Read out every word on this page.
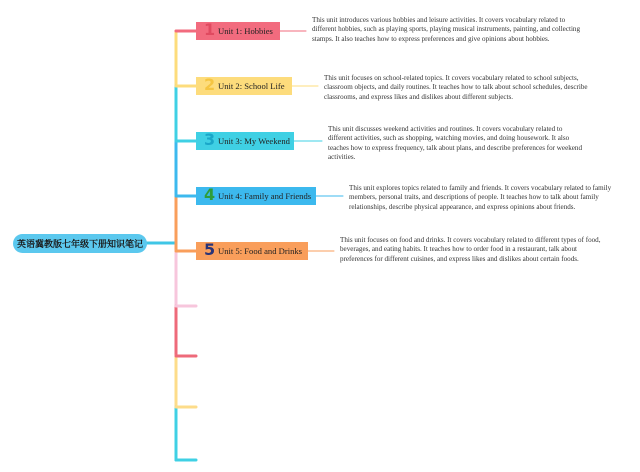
英语冀教版七年级下册知识笔记
1 Unit 1: Hobbies
This unit introduces various hobbies and leisure activities. It covers vocabulary related to different hobbies, such as playing sports, playing musical instruments, painting, and collecting stamps. It also teaches how to express preferences and give opinions about hobbies.
2 Unit 2: School Life
This unit focuses on school-related topics. It covers vocabulary related to school subjects, classroom objects, and daily routines. It teaches how to talk about school schedules, describe classrooms, and express likes and dislikes about different subjects.
3 Unit 3: My Weekend
This unit discusses weekend activities and routines. It covers vocabulary related to different activities, such as shopping, watching movies, and doing housework. It also teaches how to express frequency, talk about plans, and describe preferences for weekend activities.
4 Unit 4: Family and Friends
This unit explores topics related to family and friends. It covers vocabulary related to family members, personal traits, and descriptions of people. It teaches how to talk about family relationships, describe physical appearance, and express opinions about friends.
5 Unit 5: Food and Drinks
This unit focuses on food and drinks. It covers vocabulary related to different types of food, beverages, and eating habits. It teaches how to order food in a restaurant, talk about preferences for different cuisines, and express likes and dislikes about certain foods.
